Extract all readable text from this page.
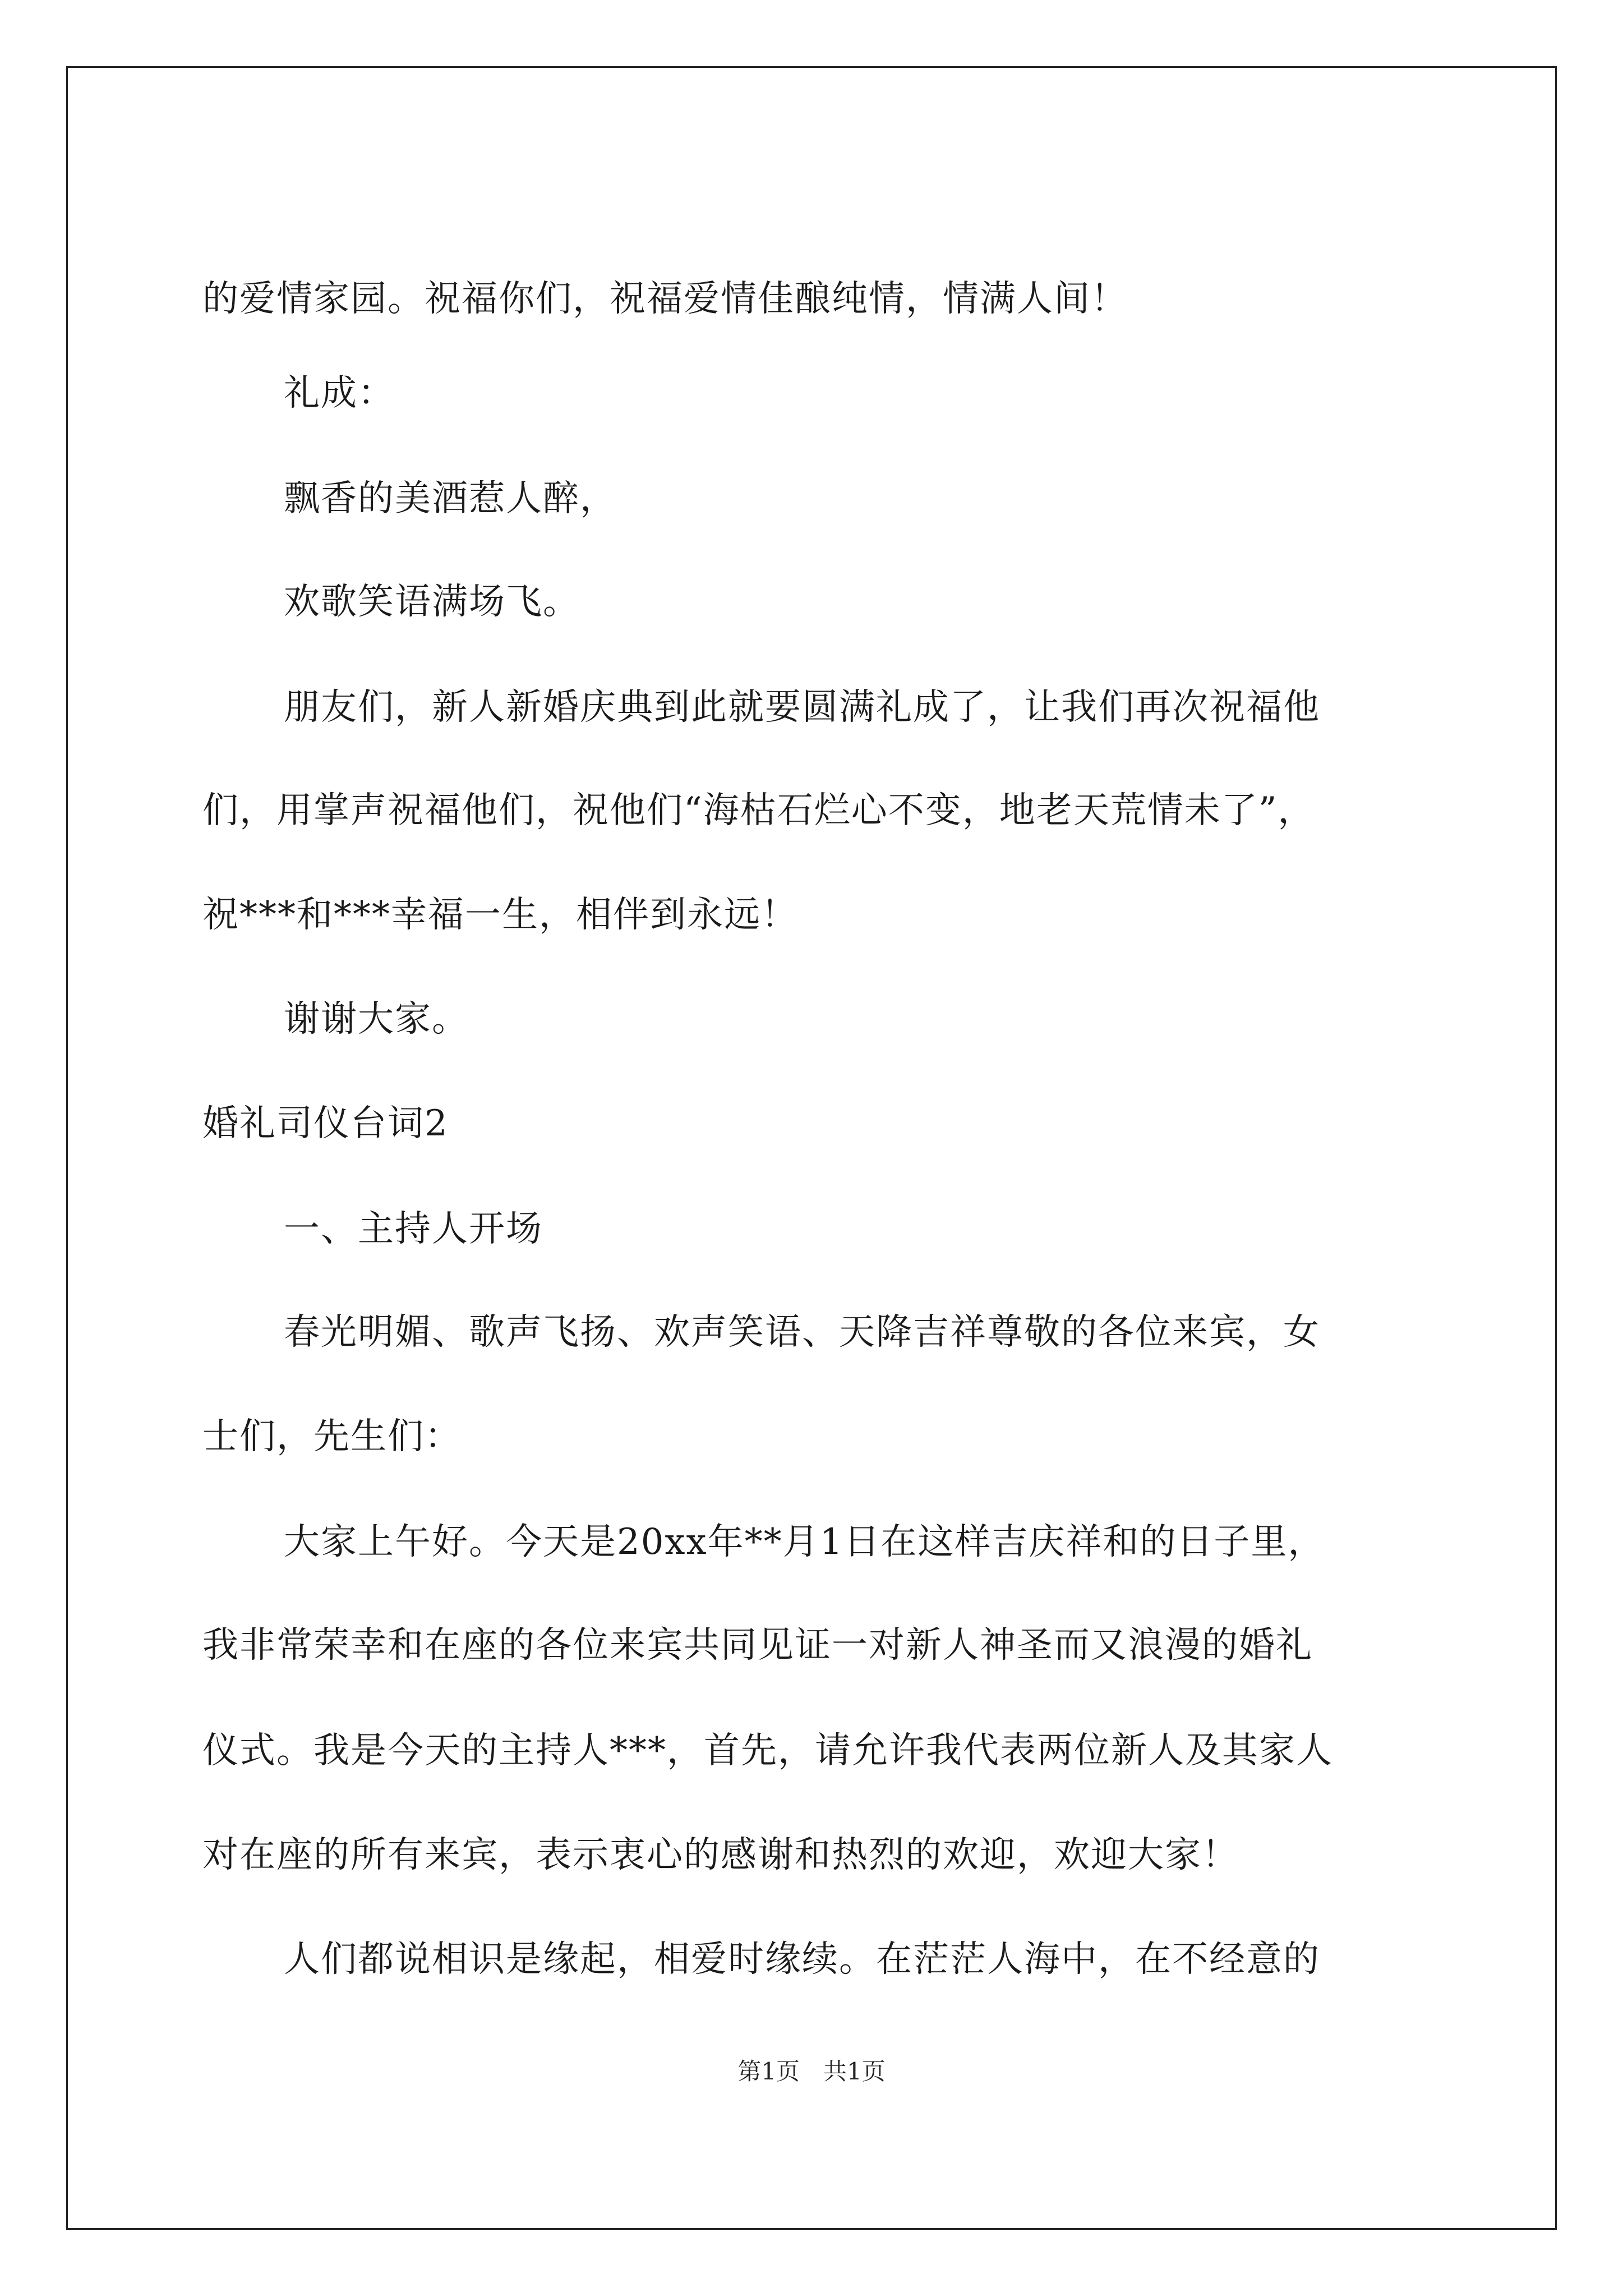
的爱情家园。祝福你们，祝福爱情佳酿纯情，情满人间！
礼成：
飘香的美酒惹人醉，
欢歌笑语满场飞。
朋友们，新人新婚庆典到此就要圆满礼成了，让我们再次祝福他
们，用掌声祝福他们，祝他们“海枯石烂心不变，地老天荒情未了”，
祝***和***幸福一生，相伴到永远！
谢谢大家。
婚礼司仪台词2
一、主持人开场
春光明媚、歌声飞扬、欢声笑语、天降吉祥尊敬的各位来宾，女
士们，先生们：
大家上午好。今天是20xx年**月1日在这样吉庆祥和的日子里，
我非常荣幸和在座的各位来宾共同见证一对新人神圣而又浪漫的婚礼
仪式。我是今天的主持人***，首先，请允许我代表两位新人及其家人
对在座的所有来宾，表示衷心的感谢和热烈的欢迎，欢迎大家！
人们都说相识是缘起，相爱时缘续。在茫茫人海中，在不经意的
第1页　共1页
